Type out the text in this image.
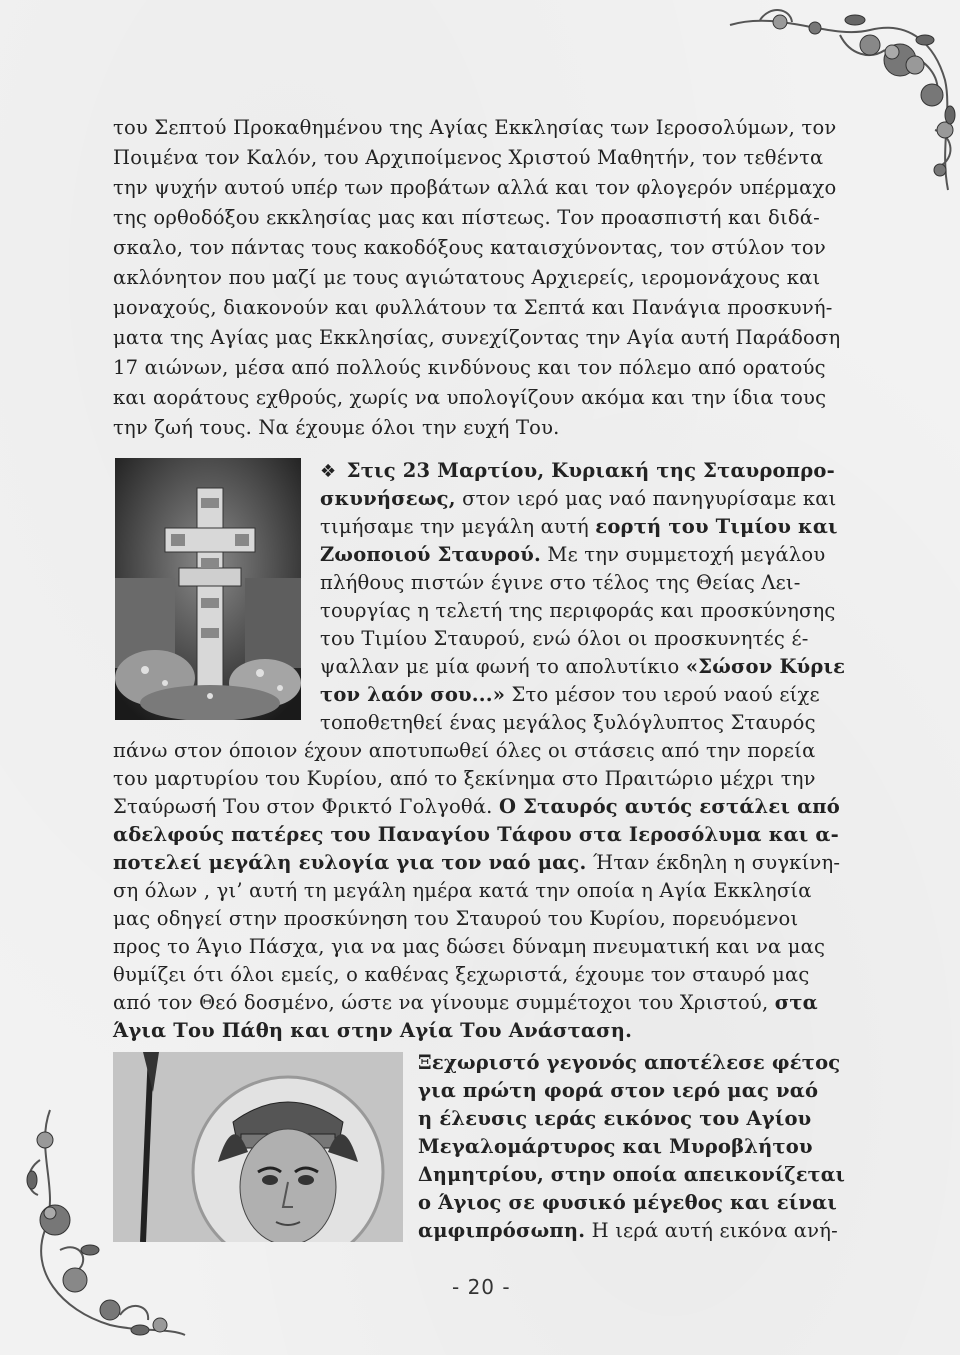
του Σεπτού Προκαθημένου της Αγίας Εκκλησίας των Ιεροσολύμων, τον
Ποιμένα τον Καλόν, του Αρχιποίμενος Χριστού Μαθητήν, τον τεθέντα
την ψυχήν αυτού υπέρ των προβάτων αλλά και τον φλογερόν υπέρμαχο
της ορθοδόξου εκκλησίας μας και πίστεως. Τον προασπιστή και διδά-
σκαλο, τον πάντας τους κακοδόξους καταισχύνοντας, τον στύλον τον
ακλόνητον που μαζί με τους αγιώτατους Αρχιερείς, ιερομονάχους και
μοναχούς, διακονούν και φυλλάτουν τα Σεπτά και Πανάγια προσκυνή-
ματα της Αγίας μας Εκκλησίας, συνεχίζοντας την Αγία αυτή Παράδοση
17 αιώνων, μέσα από πολλούς κινδύνους και τον πόλεμο από ορατούς
και αοράτους εχθρούς, χωρίς να υπολογίζουν ακόμα και την ίδια τους
την ζωή τους. Να έχουμε όλοι την ευχή Του.
❖ Στις 23 Μαρτίου, Κυριακή της Σταυροπρο-
σκυνήσεως, στον ιερό μας ναό πανηγυρίσαμε και
τιμήσαμε την μεγάλη αυτή εορτή του Τιμίου και
Ζωοποιού Σταυρού. Με την συμμετοχή μεγάλου
πλήθους πιστών έγινε στο τέλος της Θείας Λει-
τουργίας η τελετή της περιφοράς και προσκύνησης
του Τιμίου Σταυρού, ενώ όλοι οι προσκυνητές έ-
ψαλλαν με μία φωνή το απολυτίκιο «Σώσον Κύριε
τον λαόν σου...» Στο μέσον του ιερού ναού είχε
τοποθετηθεί ένας μεγάλος ξυλόγλυπτος Σταυρός
πάνω στον όποιον έχουν αποτυπωθεί όλες οι στάσεις από την πορεία
του μαρτυρίου του Κυρίου, από το ξεκίνημα στο Πραιτώριο μέχρι την
Σταύρωσή Του στον Φρικτό Γολγοθά. Ο Σταυρός αυτός εστάλει από
αδελφούς πατέρες του Παναγίου Τάφου στα Ιεροσόλυμα και α-
ποτελεί μεγάλη ευλογία για τον ναό μας. Ήταν έκδηλη η συγκίνη-
ση όλων , γι’ αυτή τη μεγάλη ημέρα κατά την οποία η Αγία Εκκλησία
μας οδηγεί στην προσκύνηση του Σταυρού του Κυρίου, πορευόμενοι
προς το Άγιο Πάσχα, για να μας δώσει δύναμη πνευματική και να μας
θυμίζει ότι όλοι εμείς, ο καθένας ξεχωριστά, έχουμε τον σταυρό μας
από τον Θεό δοσμένο, ώστε να γίνουμε συμμέτοχοι του Χριστού, στα
Άγια Του Πάθη και στην Αγία Του Ανάσταση.
Ξεχωριστό γεγονός αποτέλεσε φέτος
για πρώτη φορά στον ιερό μας ναό
η έλευσις ιεράς εικόνος του Αγίου
Μεγαλομάρτυρος και Μυροβλήτου
Δημητρίου, στην οποία απεικονίζεται
ο Άγιος σε φυσικό μέγεθος και είναι
αμφιπρόσωπη. Η ιερά αυτή εικόνα ανή-
- 20 -
